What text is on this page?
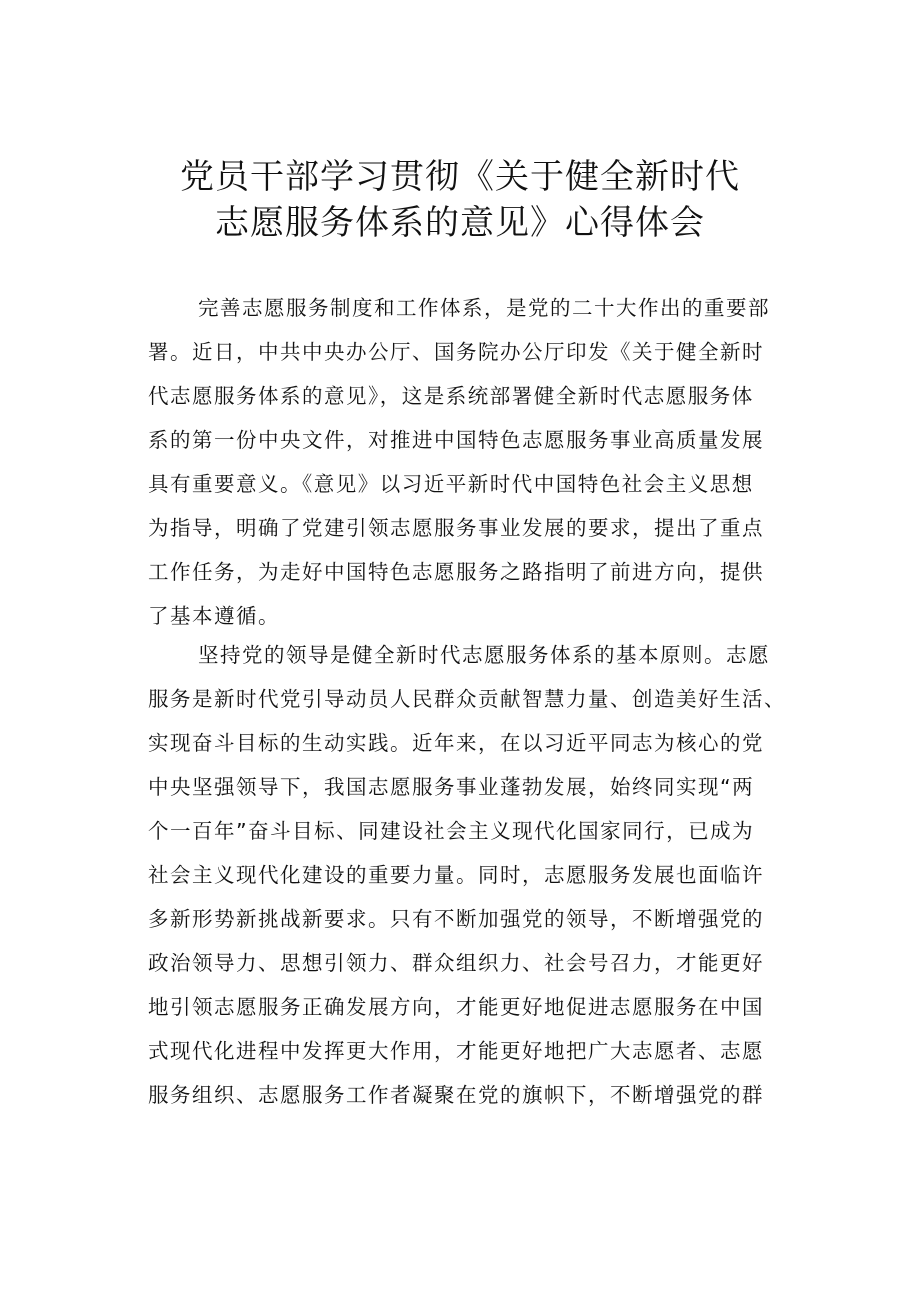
党员干部学习贯彻《关于健全新时代
志愿服务体系的意见》心得体会
完善志愿服务制度和工作体系，是党的二十大作出的重要部
署。近日，中共中央办公厅、国务院办公厅印发《关于健全新时
代志愿服务体系的意见》，这是系统部署健全新时代志愿服务体
系的第一份中央文件，对推进中国特色志愿服务事业高质量发展
具有重要意义。《意见》以习近平新时代中国特色社会主义思想
为指导，明确了党建引领志愿服务事业发展的要求，提出了重点
工作任务，为走好中国特色志愿服务之路指明了前进方向，提供
了基本遵循。
坚持党的领导是健全新时代志愿服务体系的基本原则。志愿
服务是新时代党引导动员人民群众贡献智慧力量、创造美好生活、
实现奋斗目标的生动实践。近年来，在以习近平同志为核心的党
中央坚强领导下，我国志愿服务事业蓬勃发展，始终同实现“两
个一百年”奋斗目标、同建设社会主义现代化国家同行，已成为
社会主义现代化建设的重要力量。同时，志愿服务发展也面临许
多新形势新挑战新要求。只有不断加强党的领导，不断增强党的
政治领导力、思想引领力、群众组织力、社会号召力，才能更好
地引领志愿服务正确发展方向，才能更好地促进志愿服务在中国
式现代化进程中发挥更大作用，才能更好地把广大志愿者、志愿
服务组织、志愿服务工作者凝聚在党的旗帜下，不断增强党的群
